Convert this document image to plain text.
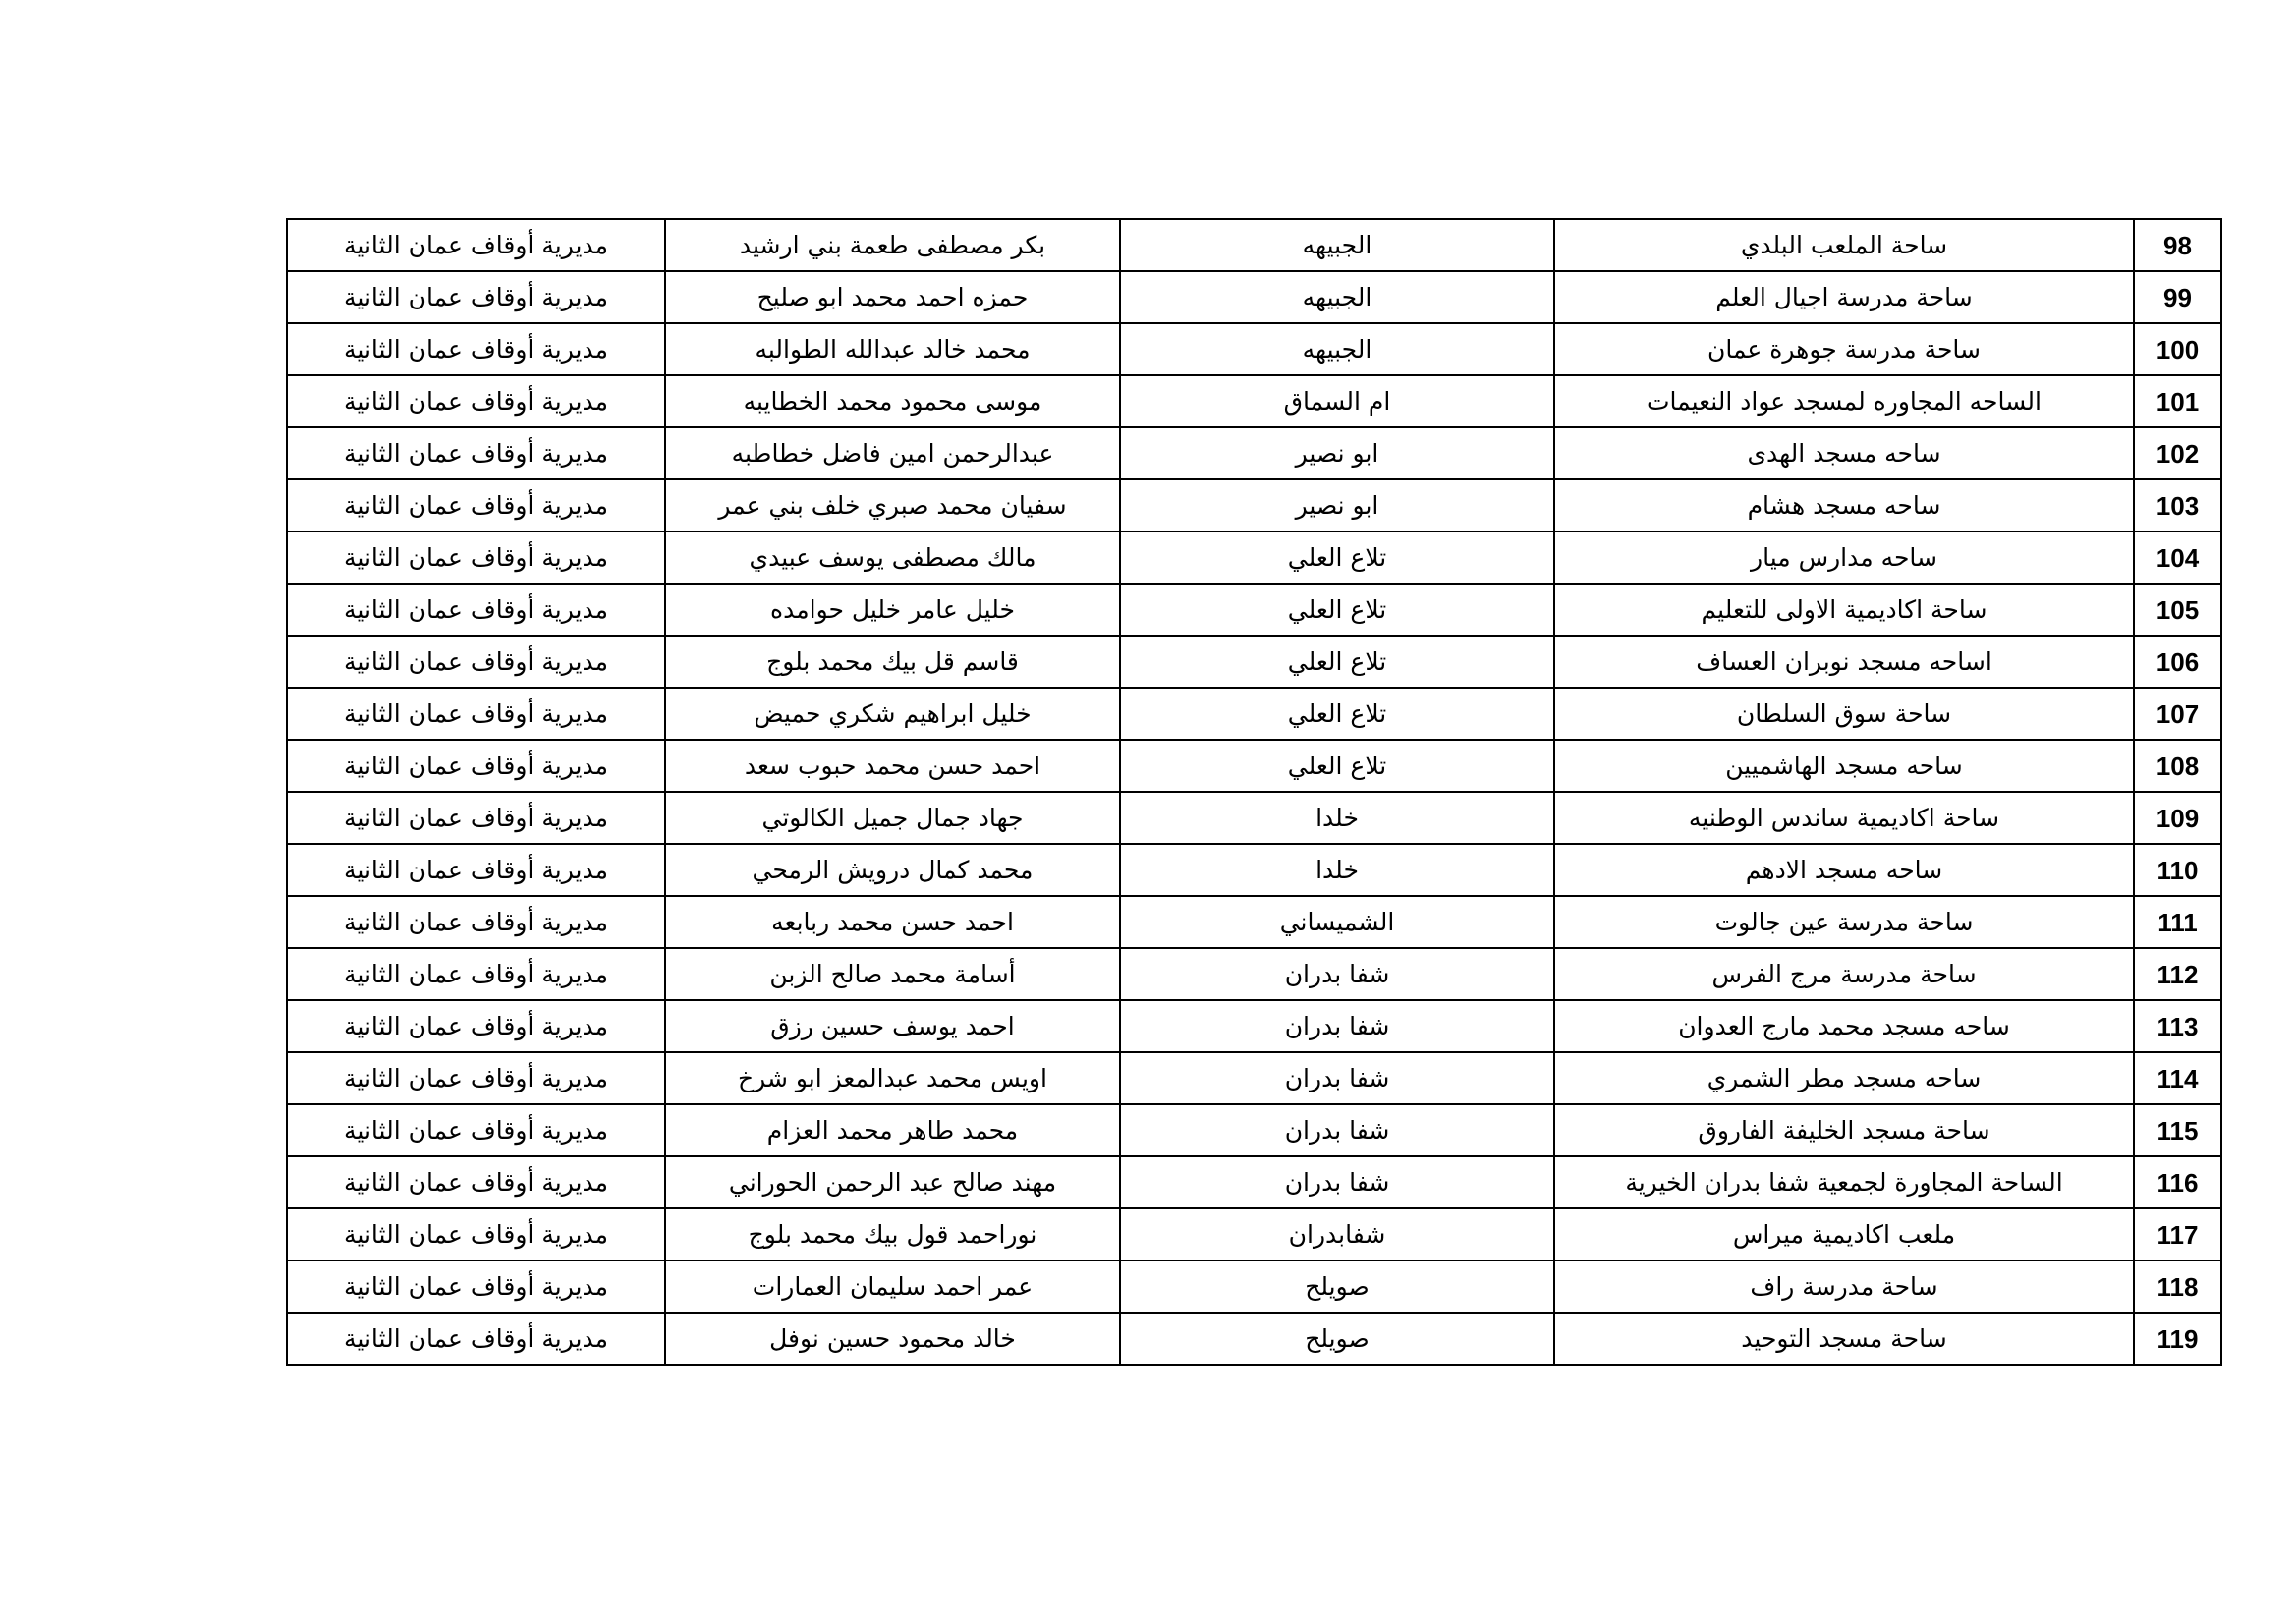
98	ساحة الملعب البلدي	الجبيهه	بكر مصطفى طعمة بني ارشيد	مديرية أوقاف عمان الثانية
99	ساحة مدرسة اجيال العلم	الجبيهه	حمزه احمد محمد ابو صليح	مديرية أوقاف عمان الثانية
100	ساحة مدرسة جوهرة عمان	الجبيهه	محمد خالد عبدالله الطوالبه	مديرية أوقاف عمان الثانية
101	الساحه المجاوره لمسجد عواد النعيمات	ام السماق	موسى محمود محمد الخطايبه	مديرية أوقاف عمان الثانية
102	ساحه مسجد الهدى	ابو نصير	عبدالرحمن امين فاضل خطاطبه	مديرية أوقاف عمان الثانية
103	ساحه مسجد هشام	ابو نصير	سفيان محمد صبري خلف بني عمر	مديرية أوقاف عمان الثانية
104	ساحه مدارس ميار	تلاع العلي	مالك مصطفى يوسف عبيدي	مديرية أوقاف عمان الثانية
105	ساحة اكاديمية الاولى للتعليم	تلاع العلي	خليل عامر خليل حوامده	مديرية أوقاف عمان الثانية
106	اساحه مسجد نوبران العساف	تلاع العلي	قاسم قل بيك محمد بلوج	مديرية أوقاف عمان الثانية
107	ساحة سوق السلطان	تلاع العلي	خليل ابراهيم شكري حميض	مديرية أوقاف عمان الثانية
108	ساحه مسجد الهاشميين	تلاع العلي	احمد حسن محمد حبوب سعد	مديرية أوقاف عمان الثانية
109	ساحة اكاديمية ساندس الوطنيه	خلدا	جهاد جمال جميل الكالوتي	مديرية أوقاف عمان الثانية
110	ساحه مسجد الادهم	خلدا	محمد كمال درويش الرمحي	مديرية أوقاف عمان الثانية
111	ساحة مدرسة عين جالوت	الشميساني	احمد حسن محمد ربابعه	مديرية أوقاف عمان الثانية
112	ساحة مدرسة مرج الفرس	شفا بدران	أسامة محمد صالح الزبن	مديرية أوقاف عمان الثانية
113	ساحه مسجد محمد مارج العدوان	شفا بدران	احمد يوسف حسين رزق	مديرية أوقاف عمان الثانية
114	ساحه مسجد مطر الشمري	شفا بدران	اويس محمد عبدالمعز ابو شرخ	مديرية أوقاف عمان الثانية
115	ساحة مسجد الخليفة الفاروق	شفا بدران	محمد طاهر محمد العزام	مديرية أوقاف عمان الثانية
116	الساحة المجاورة لجمعية شفا بدران الخيرية	شفا بدران	مهند صالح عبد الرحمن الحوراني	مديرية أوقاف عمان الثانية
117	ملعب اكاديمية ميراس	شفابدران	نوراحمد قول بيك محمد بلوج	مديرية أوقاف عمان الثانية
118	ساحة مدرسة راف	صويلح	عمر احمد سليمان العمارات	مديرية أوقاف عمان الثانية
119	ساحة مسجد التوحيد	صويلح	خالد محمود حسين نوفل	مديرية أوقاف عمان الثانية
